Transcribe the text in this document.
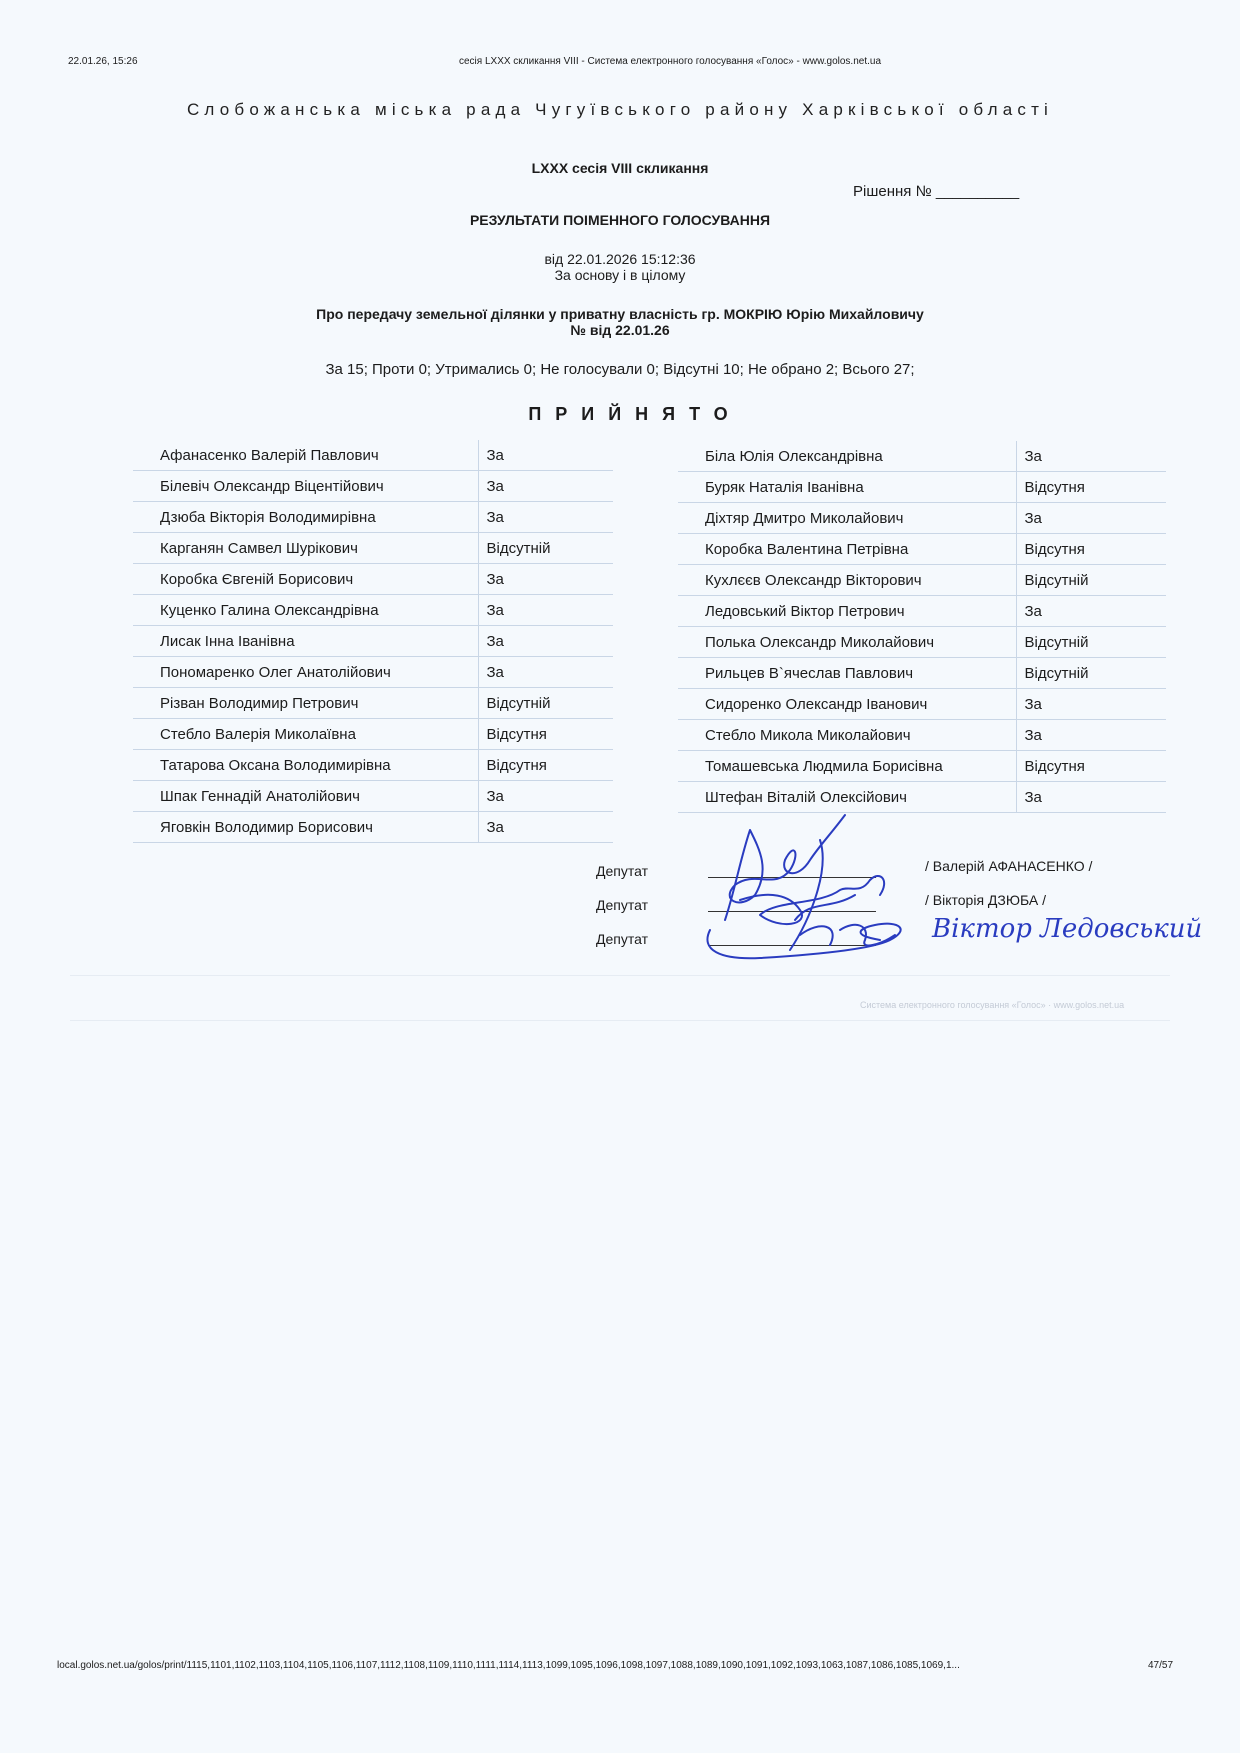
22.01.26, 15:26	сесія LXXX скликання VIII - Система електронного голосування «Голос» - www.golos.net.ua
Слобожанська міська рада Чугуївського району Харківської області
LXXX сесія VIII скликання
Рішення № __________
РЕЗУЛЬТАТИ ПОІМЕННОГО ГОЛОСУВАННЯ
від 22.01.2026 15:12:36
За основу і в цілому
Про передачу земельної ділянки у приватну власність гр. МОКРІЮ Юрію Михайловичу
№ від 22.01.26
За 15; Проти 0; Утримались 0; Не голосували 0; Відсутні 10; Не обрано 2; Всього 27;
ПРИЙНЯТО
Афанасенко Валерій Павлович	За
Білевіч Олександр Віцентійович	За
Дзюба Вікторія Володимирівна	За
Карганян Самвел Шурікович	Відсутній
Коробка Євгеній Борисович	За
Куценко Галина Олександрівна	За
Лисак Інна Іванівна	За
Пономаренко Олег Анатолійович	За
Різван Володимир Петрович	Відсутній
Стебло Валерія Миколаївна	Відсутня
Татарова Оксана Володимирівна	Відсутня
Шпак Геннадій Анатолійович	За
Яговкін Володимир Борисович	За
Біла Юлія Олександрівна	За
Буряк Наталія Іванівна	Відсутня
Діхтяр Дмитро Миколайович	За
Коробка Валентина Петрівна	Відсутня
Кухлєєв Олександр Вікторович	Відсутній
Ледовський Віктор Петрович	За
Полька Олександр Миколайович	Відсутній
Рильцев В`ячеслав Павлович	Відсутній
Сидоренко Олександр Іванович	За
Стебло Микола Миколайович	За
Томашевська Людмила Борисівна	Відсутня
Штефан Віталій Олексійович	За
Депутат	/ Валерій АФАНАСЕНКО /
Депутат	/ Вікторія ДЗЮБА /
Депутат	Віктор Ледовський
Система електронного голосування «Голос» · www.golos.net.ua
local.golos.net.ua/golos/print/1115,1101,1102,1103,1104,1105,1106,1107,1112,1108,1109,1110,1111,1114,1113,1099,1095,1096,1098,1097,1088,1089,1090,1091,1092,1093,1063,1087,1086,1085,1069,1...	47/57
